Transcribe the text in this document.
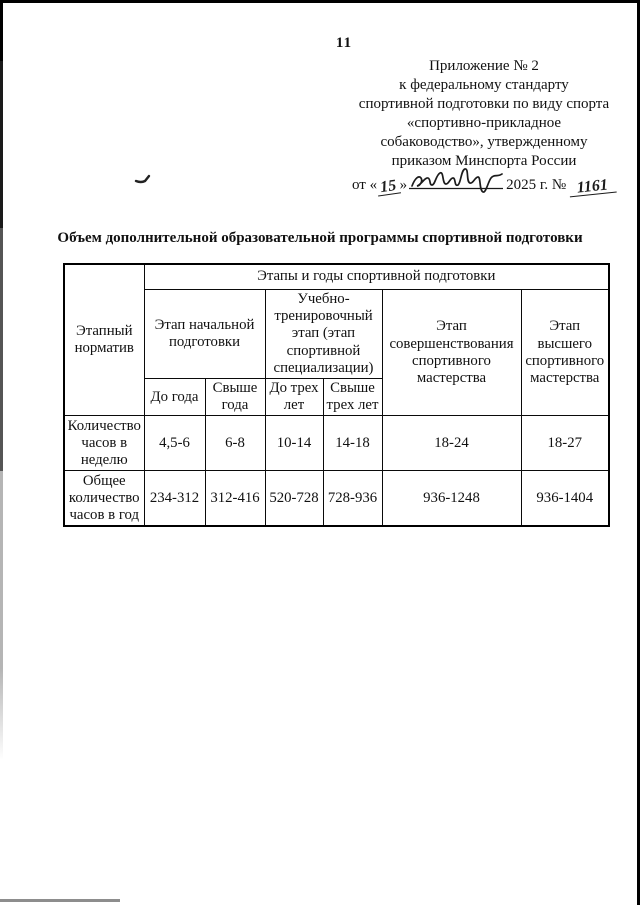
11
Приложение № 2
к федеральному стандарту
спортивной подготовки по виду спорта
«спортивно-прикладное
собаководство», утвержденному
приказом Минспорта России
от « 15 »	2025 г. № 1161
Объем дополнительной образовательной программы спортивной подготовки
Этапный норматив	Этапы и годы спортивной подготовки					
	Этап начальной подготовки		Учебно-тренировочный этап (этап спортивной специализации)		Этап совершенствования спортивного мастерства	Этап высшего спортивного мастерства
	До года	Свыше года	До трех лет	Свыше трех лет		
Количество часов в неделю	4,5-6	6-8	10-14	14-18	18-24	18-27
Общее количество часов в год	234-312	312-416	520-728	728-936	936-1248	936-1404
